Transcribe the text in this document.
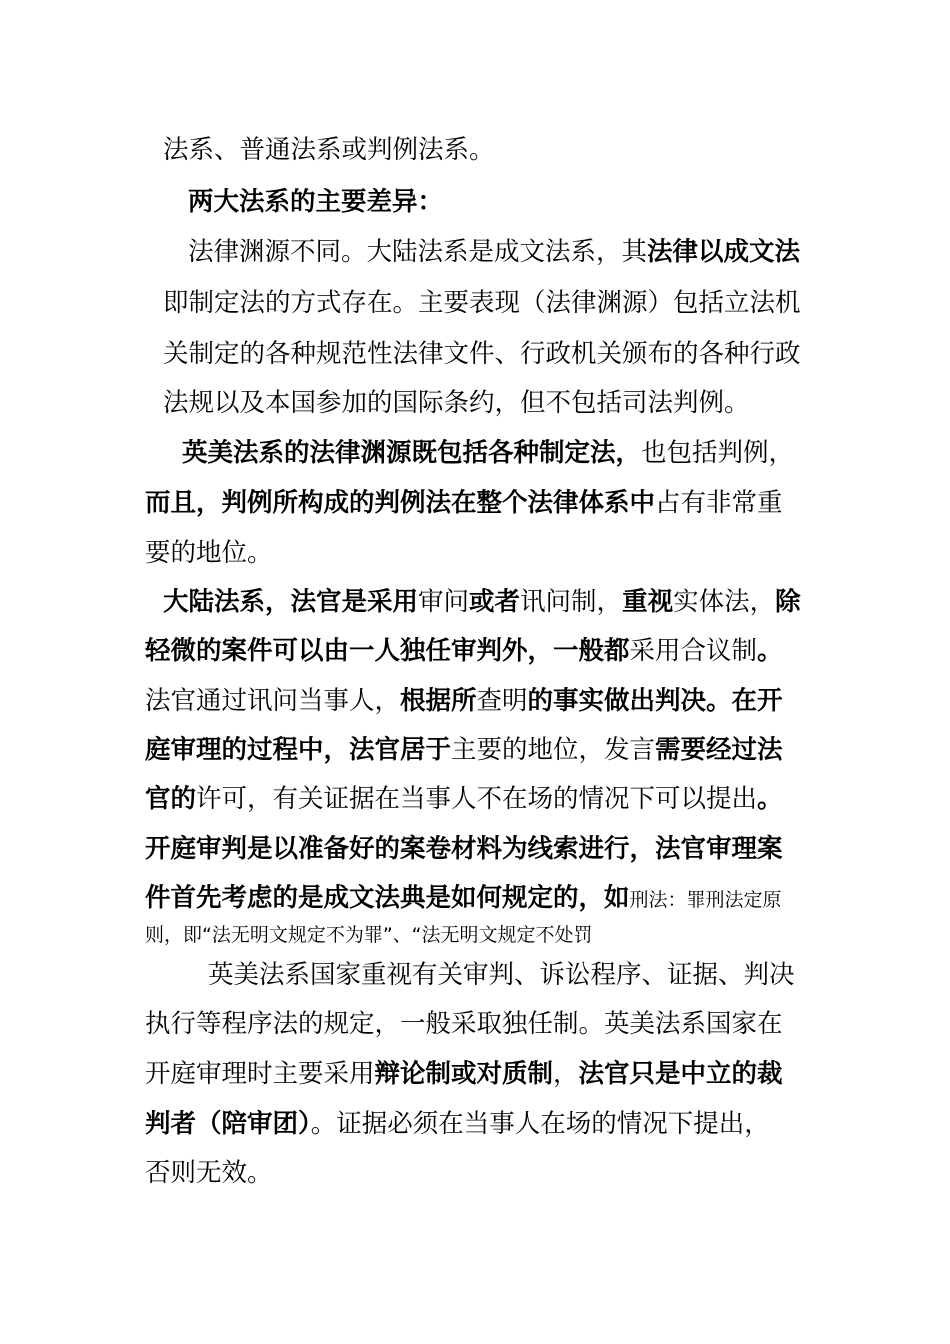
法系、普通法系或判例法系。
两大法系的主要差异：
法律渊源不同。大陆法系是成文法系，其法律以成文法
即制定法的方式存在。主要表现（法律渊源）包括立法机
关制定的各种规范性法律文件、行政机关颁布的各种行政
法规以及本国参加的国际条约，但不包括司法判例。
英美法系的法律渊源既包括各种制定法，也包括判例，
而且，判例所构成的判例法在整个法律体系中占有非常重
要的地位。
大陆法系，法官是采用审问或者讯问制，重视实体法，除
轻微的案件可以由一人独任审判外，一般都采用合议制。
法官通过讯问当事人，根据所查明的事实做出判决。在开
庭审理的过程中，法官居于主要的地位，发言需要经过法
官的许可，有关证据在当事人不在场的情况下可以提出。
开庭审判是以准备好的案卷材料为线索进行，法官审理案
件首先考虑的是成文法典是如何规定的，如刑法：罪刑法定原
则，即“法无明文规定不为罪”、“法无明文规定不处罚
英美法系国家重视有关审判、诉讼程序、证据、判决
执行等程序法的规定，一般采取独任制。英美法系国家在
开庭审理时主要采用辩论制或对质制，法官只是中立的裁
判者（陪审团）。证据必须在当事人在场的情况下提出，
否则无效。
